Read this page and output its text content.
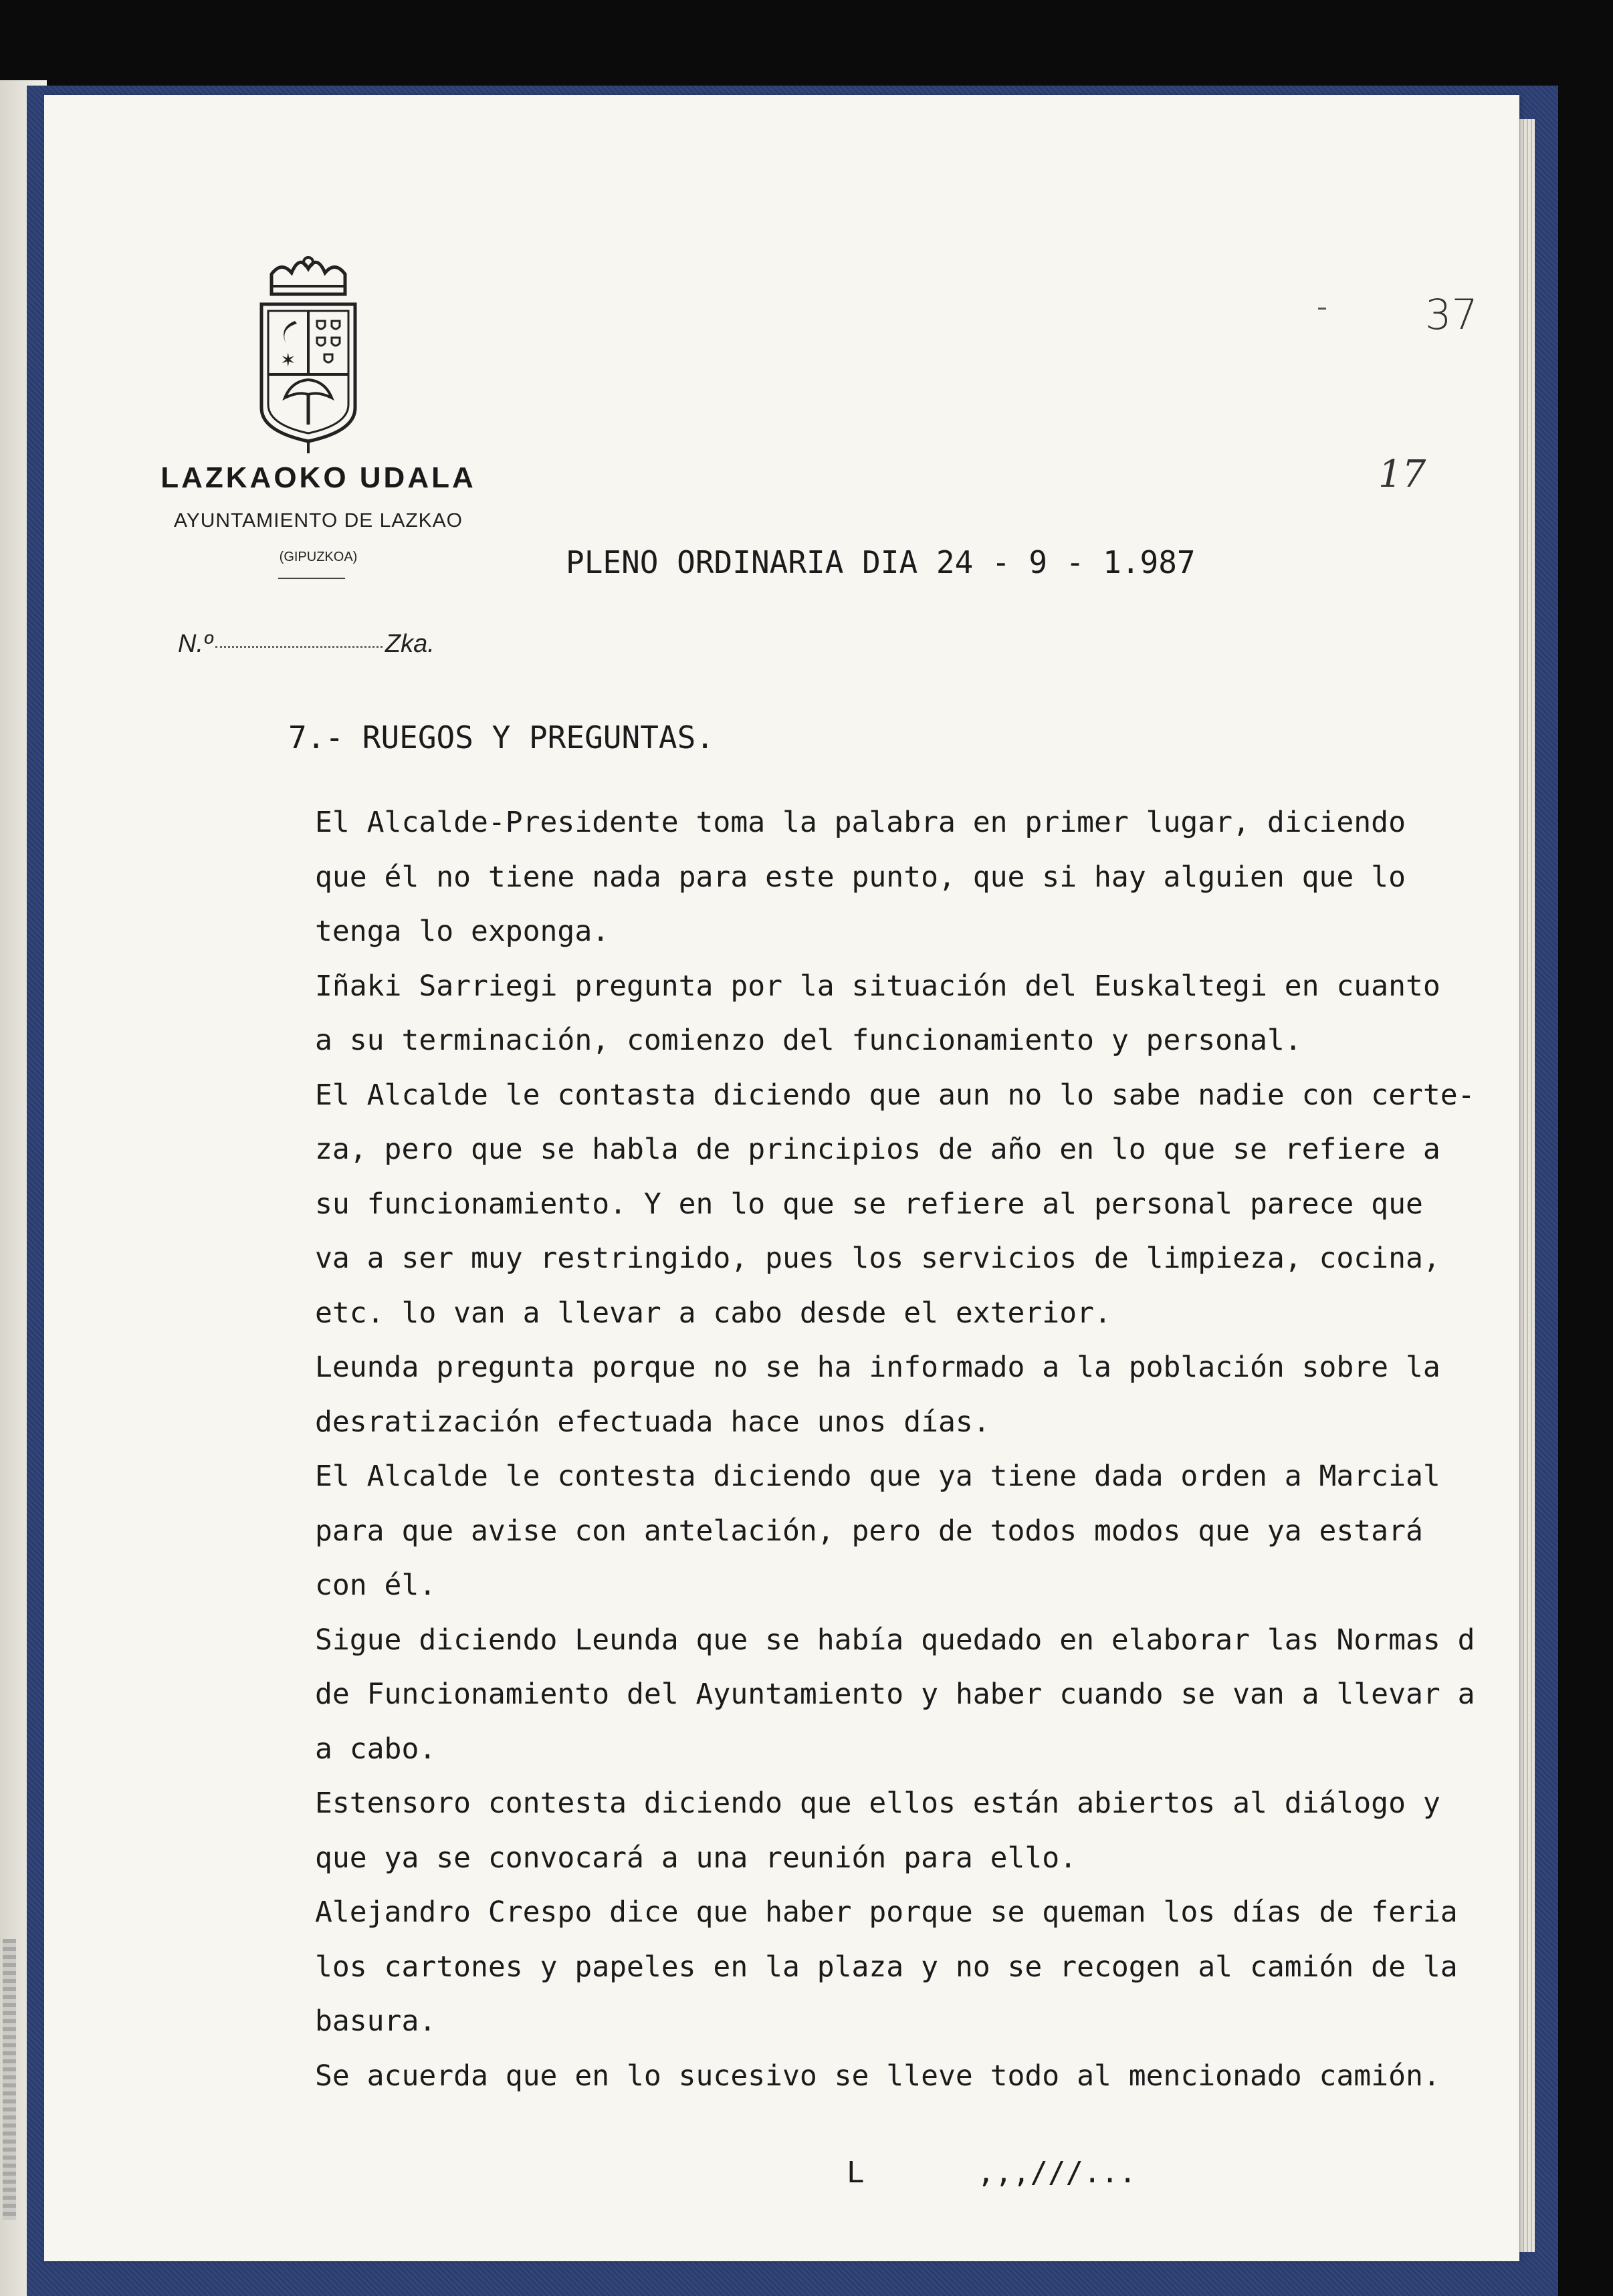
✶
LAZKAOKO UDALA
AYUNTAMIENTO DE LAZKAO
(GIPUZKOA)
N.º	Zka.
37
17
PLENO ORDINARIA DIA 24 - 9 - 1.987
7.- RUEGOS Y PREGUNTAS.
El Alcalde-Presidente toma la palabra en primer lugar, diciendo
que él no tiene nada para este punto, que si hay alguien que lo
tenga lo exponga.
Iñaki Sarriegi pregunta por la situación del Euskaltegi en cuanto
a su terminación, comienzo del funcionamiento y personal.
El Alcalde le contasta diciendo que aun no lo sabe nadie con certe-
za, pero que se habla de principios de año en lo que se refiere a
su funcionamiento. Y en lo que se refiere al personal parece que
va a ser muy restringido, pues los servicios de limpieza, cocina,
etc. lo van a llevar a cabo desde el exterior.
Leunda pregunta porque no se ha informado a la población sobre la
desratización efectuada hace unos días.
El Alcalde le contesta diciendo que ya tiene dada orden a Marcial
para que avise con antelación, pero de todos modos que ya estará
con él.
Sigue diciendo Leunda que se había quedado en elaborar las Normas d
de Funcionamiento del Ayuntamiento y haber cuando se van a llevar a
a cabo.
Estensoro contesta diciendo que ellos están abiertos al diálogo y
que ya se convocará a una reunión para ello.
Alejandro Crespo dice que haber porque se queman los días de feria
los cartones y papeles en la plaza y no se recogen al camión de la
basura.
Se acuerda que en lo sucesivo se lleve todo al mencionado camión.
L	,,,///...
